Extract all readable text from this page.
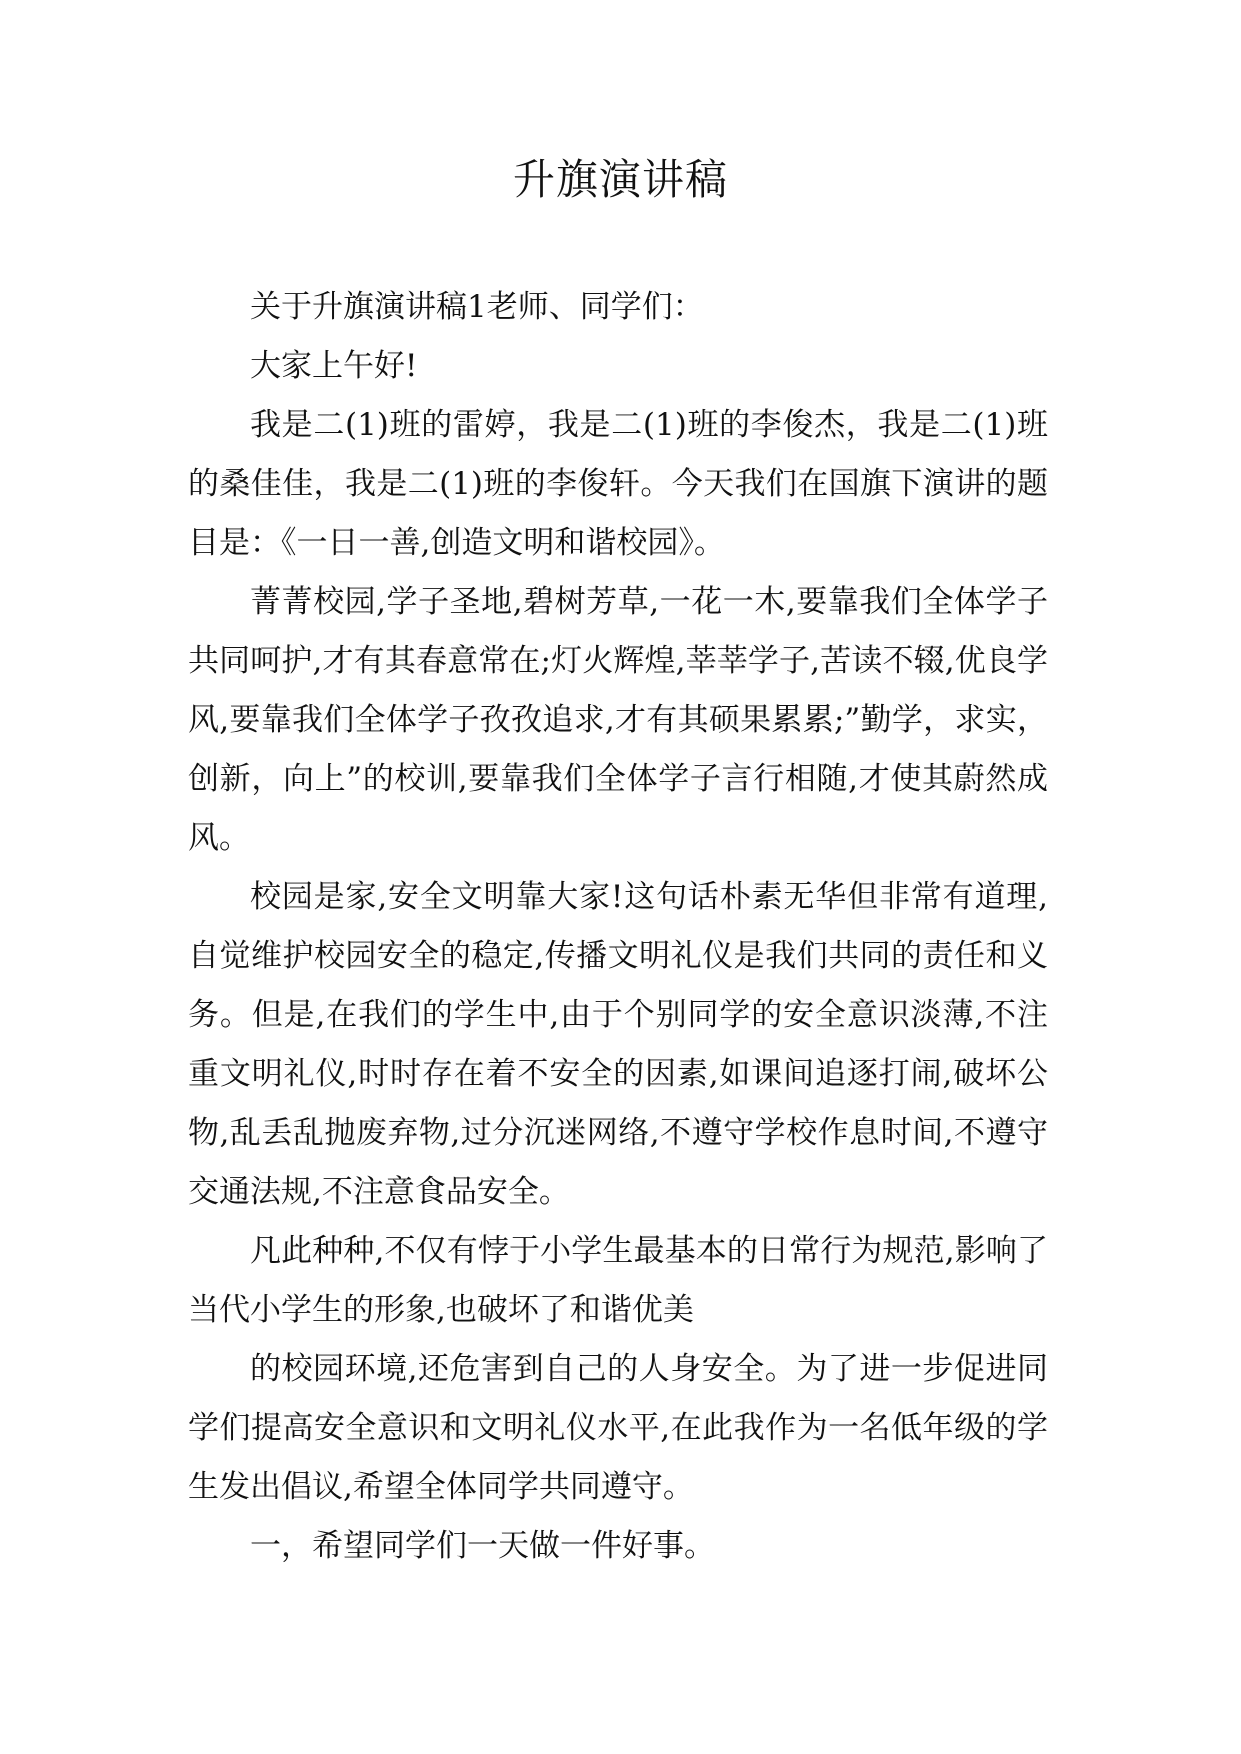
升旗演讲稿

关于升旗演讲稿1老师、同学们：

大家上午好!

我是二(1)班的雷婷，我是二(1)班的李俊杰，我是二(1)班的桑佳佳，我是二(1)班的李俊轩。今天我们在国旗下演讲的题目是：《一日一善,创造文明和谐校园》。

菁菁校园,学子圣地,碧树芳草,一花一木,要靠我们全体学子共同呵护,才有其春意常在;灯火辉煌,莘莘学子,苦读不辍,优良学风,要靠我们全体学子孜孜追求,才有其硕果累累;”勤学，求实，创新，向上”的校训,要靠我们全体学子言行相随,才使其蔚然成风。

校园是家,安全文明靠大家!这句话朴素无华但非常有道理,自觉维护校园安全的稳定,传播文明礼仪是我们共同的责任和义务。但是,在我们的学生中,由于个别同学的安全意识淡薄,不注重文明礼仪,时时存在着不安全的因素,如课间追逐打闹,破坏公物,乱丢乱抛废弃物,过分沉迷网络,不遵守学校作息时间,不遵守交通法规,不注意食品安全。

凡此种种,不仅有悖于小学生最基本的日常行为规范,影响了当代小学生的形象,也破坏了和谐优美

的校园环境,还危害到自己的人身安全。为了进一步促进同学们提高安全意识和文明礼仪水平,在此我作为一名低年级的学生发出倡议,希望全体同学共同遵守。

一，希望同学们一天做一件好事。
